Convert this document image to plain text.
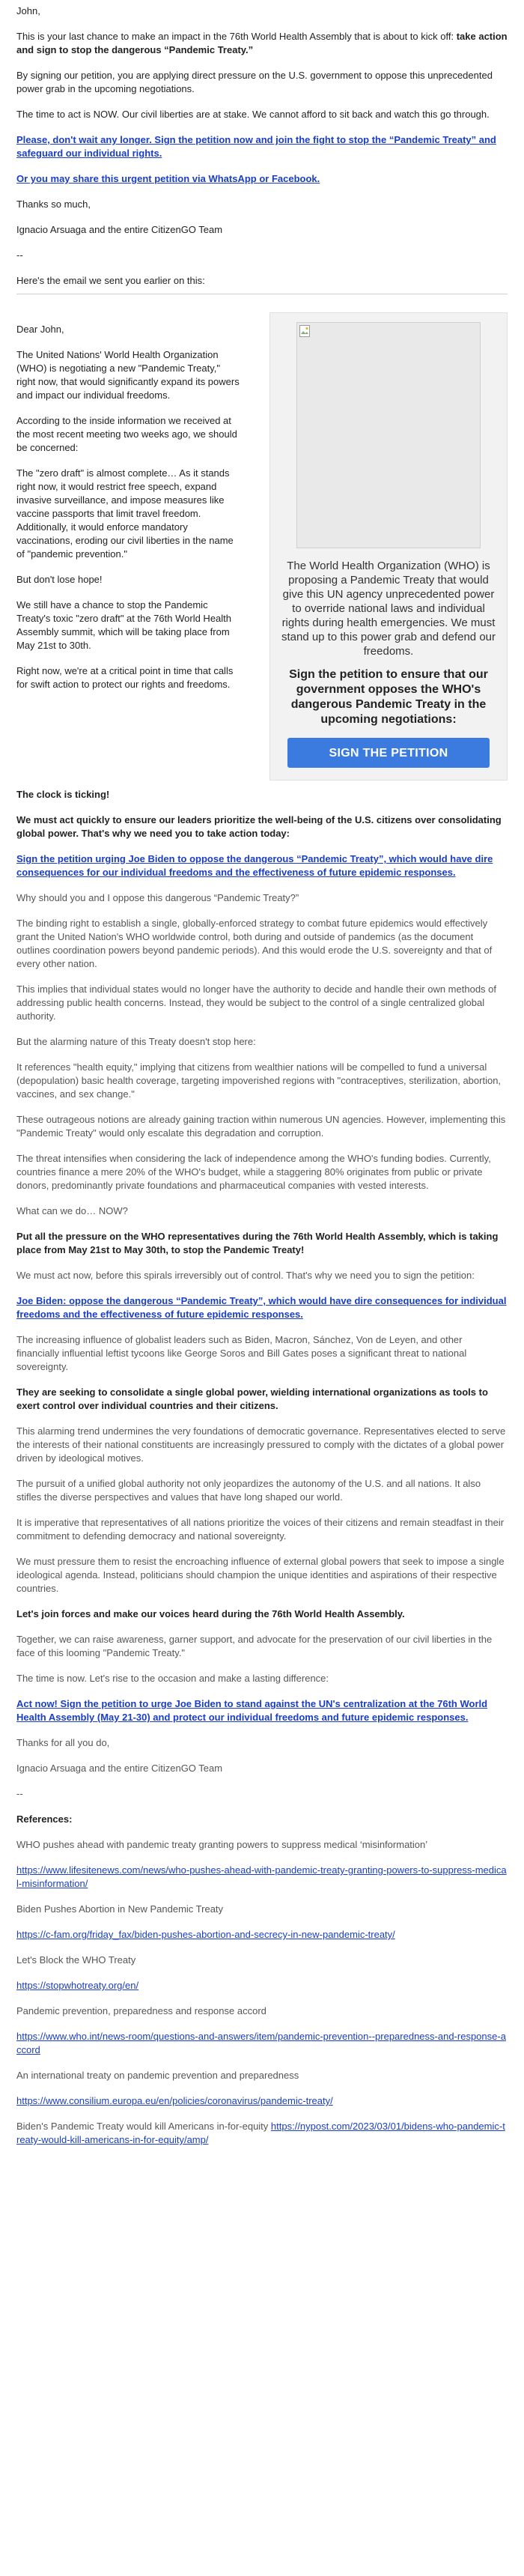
John,

This is your last chance to make an impact in the 76th World Health Assembly that is about to kick off: take action and sign to stop the dangerous “Pandemic Treaty.”

By signing our petition, you are applying direct pressure on the U.S. government to oppose this unprecedented power grab in the upcoming negotiations.

The time to act is NOW. Our civil liberties are at stake. We cannot afford to sit back and watch this go through.

Please, don't wait any longer. Sign the petition now and join the fight to stop the “Pandemic Treaty” and safeguard our individual rights.

Or you may share this urgent petition via WhatsApp or Facebook.

Thanks so much,

Ignacio Arsuaga and the entire CitizenGO Team

--

Here's the email we sent you earlier on this:

Dear John,

The United Nations' World Health Organization (WHO) is negotiating a new "Pandemic Treaty," right now, that would significantly expand its powers and impact our individual freedoms.

According to the inside information we received at the most recent meeting two weeks ago, we should be concerned:

The "zero draft" is almost complete… As it stands right now, it would restrict free speech, expand invasive surveillance, and impose measures like vaccine passports that limit travel freedom. Additionally, it would enforce mandatory vaccinations, eroding our civil liberties in the name of "pandemic prevention."

But don't lose hope!

We still have a chance to stop the Pandemic Treaty's toxic "zero draft" at the 76th World Health Assembly summit, which will be taking place from May 21st to 30th.

Right now, we're at a critical point in time that calls for swift action to protect our rights and freedoms.

The World Health Organization (WHO) is proposing a Pandemic Treaty that would give this UN agency unprecedented power to override national laws and individual rights during health emergencies. We must stand up to this power grab and defend our freedoms.

Sign the petition to ensure that our government opposes the WHO's dangerous Pandemic Treaty in the upcoming negotiations:

SIGN THE PETITION

The clock is ticking!

We must act quickly to ensure our leaders prioritize the well-being of the U.S. citizens over consolidating global power. That's why we need you to take action today:

Sign the petition urging Joe Biden to oppose the dangerous “Pandemic Treaty”, which would have dire consequences for our individual freedoms and the effectiveness of future epidemic responses.

Why should you and I oppose this dangerous “Pandemic Treaty?”

The binding right to establish a single, globally-enforced strategy to combat future epidemics would effectively grant the United Nation's WHO worldwide control, both during and outside of pandemics (as the document outlines coordination powers beyond pandemic periods). And this would erode the U.S. sovereignty and that of every other nation.

This implies that individual states would no longer have the authority to decide and handle their own methods of addressing public health concerns. Instead, they would be subject to the control of a single centralized global authority.

But the alarming nature of this Treaty doesn't stop here:

It references "health equity," implying that citizens from wealthier nations will be compelled to fund a universal (depopulation) basic health coverage, targeting impoverished regions with "contraceptives, sterilization, abortion, vaccines, and sex change."

These outrageous notions are already gaining traction within numerous UN agencies. However, implementing this "Pandemic Treaty" would only escalate this degradation and corruption.

The threat intensifies when considering the lack of independence among the WHO's funding bodies. Currently, countries finance a mere 20% of the WHO's budget, while a staggering 80% originates from public or private donors, predominantly private foundations and pharmaceutical companies with vested interests.

What can we do… NOW?

Put all the pressure on the WHO representatives during the 76th World Health Assembly, which is taking place from May 21st to May 30th, to stop the Pandemic Treaty!

We must act now, before this spirals irreversibly out of control. That's why we need you to sign the petition:

Joe Biden: oppose the dangerous “Pandemic Treaty”, which would have dire consequences for individual freedoms and the effectiveness of future epidemic responses.

The increasing influence of globalist leaders such as Biden, Macron, Sánchez, Von de Leyen, and other financially influential leftist tycoons like George Soros and Bill Gates poses a significant threat to national sovereignty.

They are seeking to consolidate a single global power, wielding international organizations as tools to exert control over individual countries and their citizens.

This alarming trend undermines the very foundations of democratic governance. Representatives elected to serve the interests of their national constituents are increasingly pressured to comply with the dictates of a global power driven by ideological motives.

The pursuit of a unified global authority not only jeopardizes the autonomy of the U.S. and all nations. It also stifles the diverse perspectives and values that have long shaped our world.

It is imperative that representatives of all nations prioritize the voices of their citizens and remain steadfast in their commitment to defending democracy and national sovereignty.

We must pressure them to resist the encroaching influence of external global powers that seek to impose a single ideological agenda. Instead, politicians should champion the unique identities and aspirations of their respective countries.

Let's join forces and make our voices heard during the 76th World Health Assembly.

Together, we can raise awareness, garner support, and advocate for the preservation of our civil liberties in the face of this looming "Pandemic Treaty."

The time is now. Let's rise to the occasion and make a lasting difference:

Act now! Sign the petition to urge Joe Biden to stand against the UN's centralization at the 76th World Health Assembly (May 21-30) and protect our individual freedoms and future epidemic responses.

Thanks for all you do,

Ignacio Arsuaga and the entire CitizenGO Team

--

References:

WHO pushes ahead with pandemic treaty granting powers to suppress medical ‘misinformation’

https://www.lifesitenews.com/news/who-pushes-ahead-with-pandemic-treaty-granting-powers-to-suppress-medical-misinformation/

Biden Pushes Abortion in New Pandemic Treaty

https://c-fam.org/friday_fax/biden-pushes-abortion-and-secrecy-in-new-pandemic-treaty/

Let's Block the WHO Treaty

https://stopwhotreaty.org/en/

Pandemic prevention, preparedness and response accord

https://www.who.int/news-room/questions-and-answers/item/pandemic-prevention--preparedness-and-response-accord

An international treaty on pandemic prevention and preparedness

https://www.consilium.europa.eu/en/policies/coronavirus/pandemic-treaty/

Biden's Pandemic Treaty would kill Americans in-for-equity https://nypost.com/2023/03/01/bidens-who-pandemic-treaty-would-kill-americans-in-for-equity/amp/
